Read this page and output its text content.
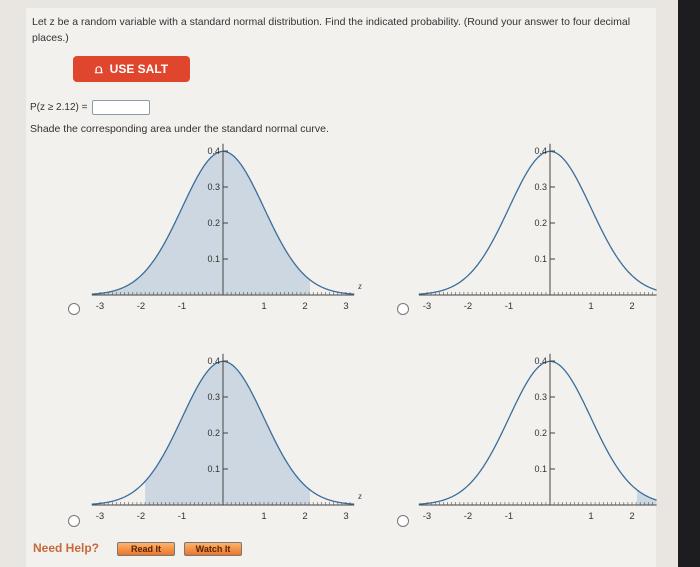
Let z be a random variable with a standard normal distribution. Find the indicated probability. (Round your answer to four decimal places.)
⩍ USE SALT
P(z ≥ 2.12) =
Shade the corresponding area under the standard normal curve.
0.4
0.3
0.2
0.1
-3	-2	-1	1	2	3
z
0.4
0.3
0.2
0.1
-3	-2	-1	1	2
0.4
0.3
0.2
0.1
-3	-2	-1	1	2	3
z
0.4
0.3
0.2
0.1
-3	-2	-1	1	2
Need Help?	Read It	Watch It
